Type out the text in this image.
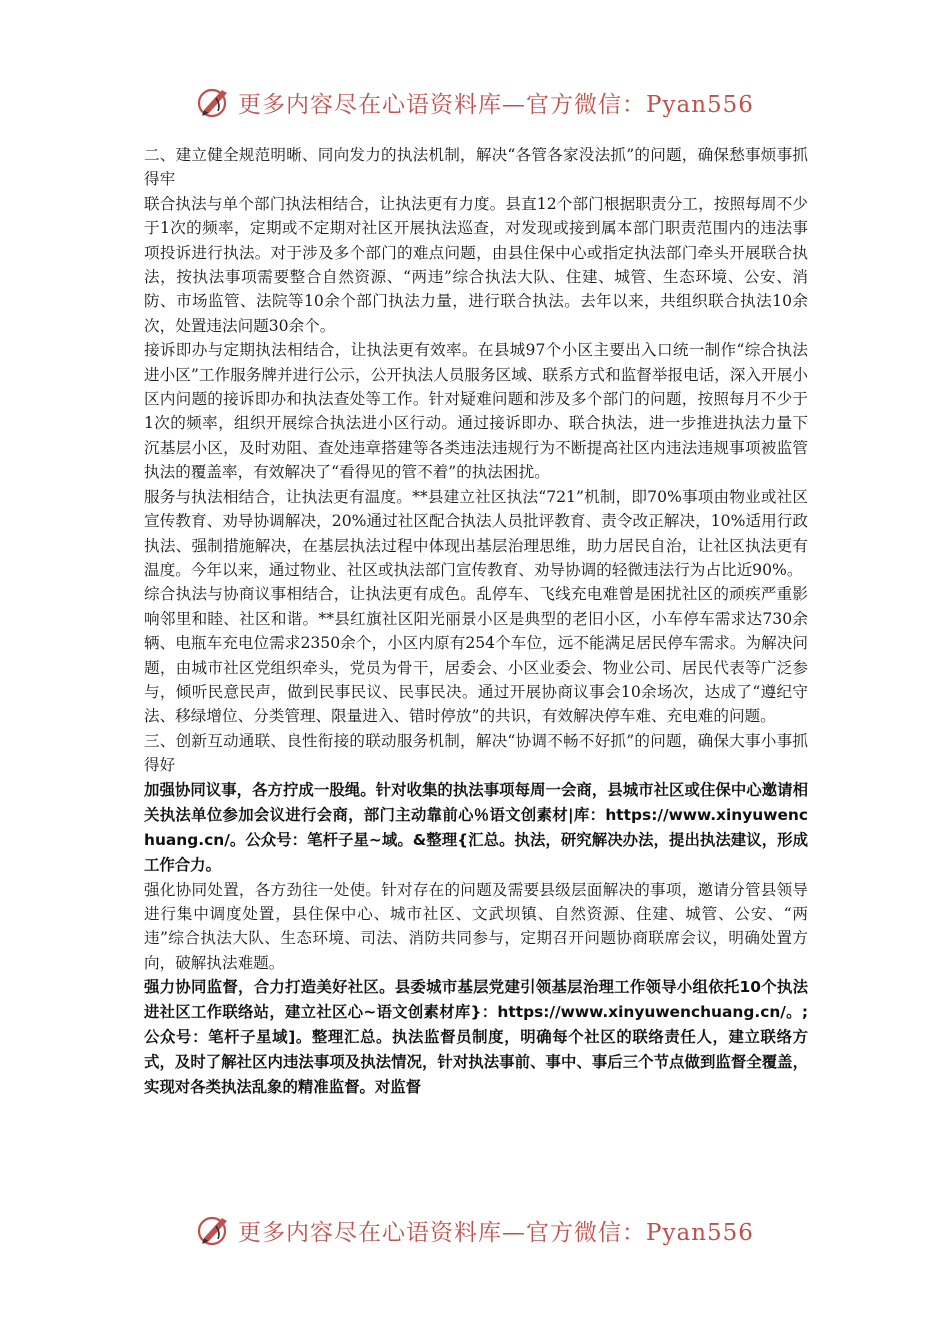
更多内容尽在心语资料库—官方微信：Pyan556

二、建立健全规范明晰、同向发力的执法机制，解决“各管各家没法抓”的问题，确保愁事烦事抓得牢

联合执法与单个部门执法相结合，让执法更有力度。县直12个部门根据职责分工，按照每周不少于1次的频率，定期或不定期对社区开展执法巡查，对发现或接到属本部门职责范围内的违法事项投诉进行执法。对于涉及多个部门的难点问题，由县住保中心或指定执法部门牵头开展联合执法，按执法事项需要整合自然资源、“两违”综合执法大队、住建、城管、生态环境、公安、消防、市场监管、法院等10余个部门执法力量，进行联合执法。去年以来，共组织联合执法10余次，处置违法问题30余个。

接诉即办与定期执法相结合，让执法更有效率。在县城97个小区主要出入口统一制作“综合执法进小区”工作服务牌并进行公示，公开执法人员服务区域、联系方式和监督举报电话，深入开展小区内问题的接诉即办和执法查处等工作。针对疑难问题和涉及多个部门的问题，按照每月不少于1次的频率，组织开展综合执法进小区行动。通过接诉即办、联合执法，进一步推进执法力量下沉基层小区，及时劝阻、查处违章搭建等各类违法违规行为不断提高社区内违法违规事项被监管执法的覆盖率，有效解决了“看得见的管不着”的执法困扰。

服务与执法相结合，让执法更有温度。**县建立社区执法“721”机制，即70%事项由物业或社区宣传教育、劝导协调解决，20%通过社区配合执法人员批评教育、责令改正解决，10%适用行政执法、强制措施解决，在基层执法过程中体现出基层治理思维，助力居民自治，让社区执法更有温度。今年以来，通过物业、社区或执法部门宣传教育、劝导协调的轻微违法行为占比近90%。

综合执法与协商议事相结合，让执法更有成色。乱停车、飞线充电难曾是困扰社区的顽疾严重影响邻里和睦、社区和谐。**县红旗社区阳光丽景小区是典型的老旧小区，小车停车需求达730余辆、电瓶车充电位需求2350余个，小区内原有254个车位，远不能满足居民停车需求。为解决问题，由城市社区党组织牵头，党员为骨干，居委会、小区业委会、物业公司、居民代表等广泛参与，倾听民意民声，做到民事民议、民事民决。通过开展协商议事会10余场次，达成了“遵纪守法、移绿增位、分类管理、限量进入、错时停放”的共识，有效解决停车难、充电难的问题。

三、创新互动通联、良性衔接的联动服务机制，解决“协调不畅不好抓”的问题，确保大事小事抓得好

加强协同议事，各方拧成一股绳。针对收集的执法事项每周一会商，县城市社区或住保中心邀请相关执法单位参加会议进行会商，部门主动靠前心％语文创素材|库：https://www.xinyuwenchuang.cn/。公众号：笔杆子星~域。&整理{汇总。执法，研究解决办法，提出执法建议，形成工作合力。

强化协同处置，各方劲往一处使。针对存在的问题及需要县级层面解决的事项，邀请分管县领导进行集中调度处置，县住保中心、城市社区、文武坝镇、自然资源、住建、城管、公安、“两违”综合执法大队、生态环境、司法、消防共同参与，定期召开问题协商联席会议，明确处置方向，破解执法难题。

强力协同监督，合力打造美好社区。县委城市基层党建引领基层治理工作领导小组依托10个执法进社区工作联络站，建立社区心~语文创素材库}：https://www.xinyuwenchuang.cn/。;公众号：笔杆子星域]。整理汇总。执法监督员制度，明确每个社区的联络责任人，建立联络方式，及时了解社区内违法事项及执法情况，针对执法事前、事中、事后三个节点做到监督全覆盖，实现对各类执法乱象的精准监督。对监督

更多内容尽在心语资料库—官方微信：Pyan556
